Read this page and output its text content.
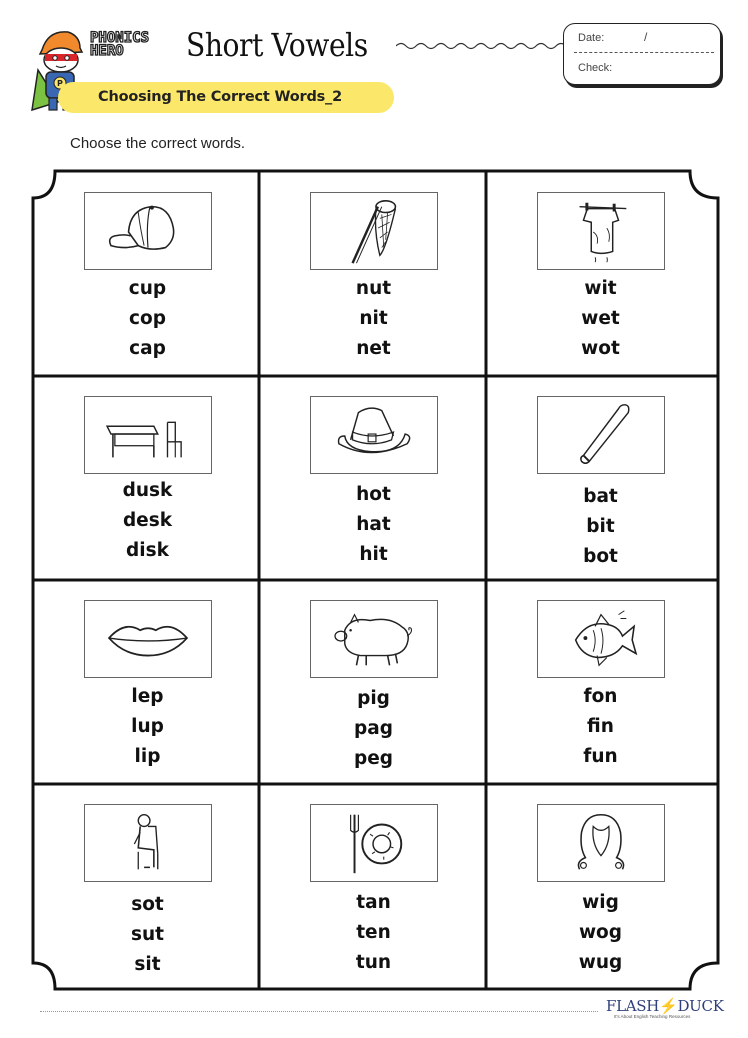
P
PHONICS
HERO	Short Vowels	Date:	/
Check:
Choosing The Correct Words_2
Choose the correct words.
cup
cop
cap
nut
nit
net
wit
wet
wot
dusk
desk
disk
hot
hat
hit
bat
bit
bot
lep
lup
lip
pig
pag
peg
fon
fin
fun
sot
sut
sit
tan
ten
tun
wig
wog
wug
FLASH⚡DUCK
It's About English Teaching Resources
